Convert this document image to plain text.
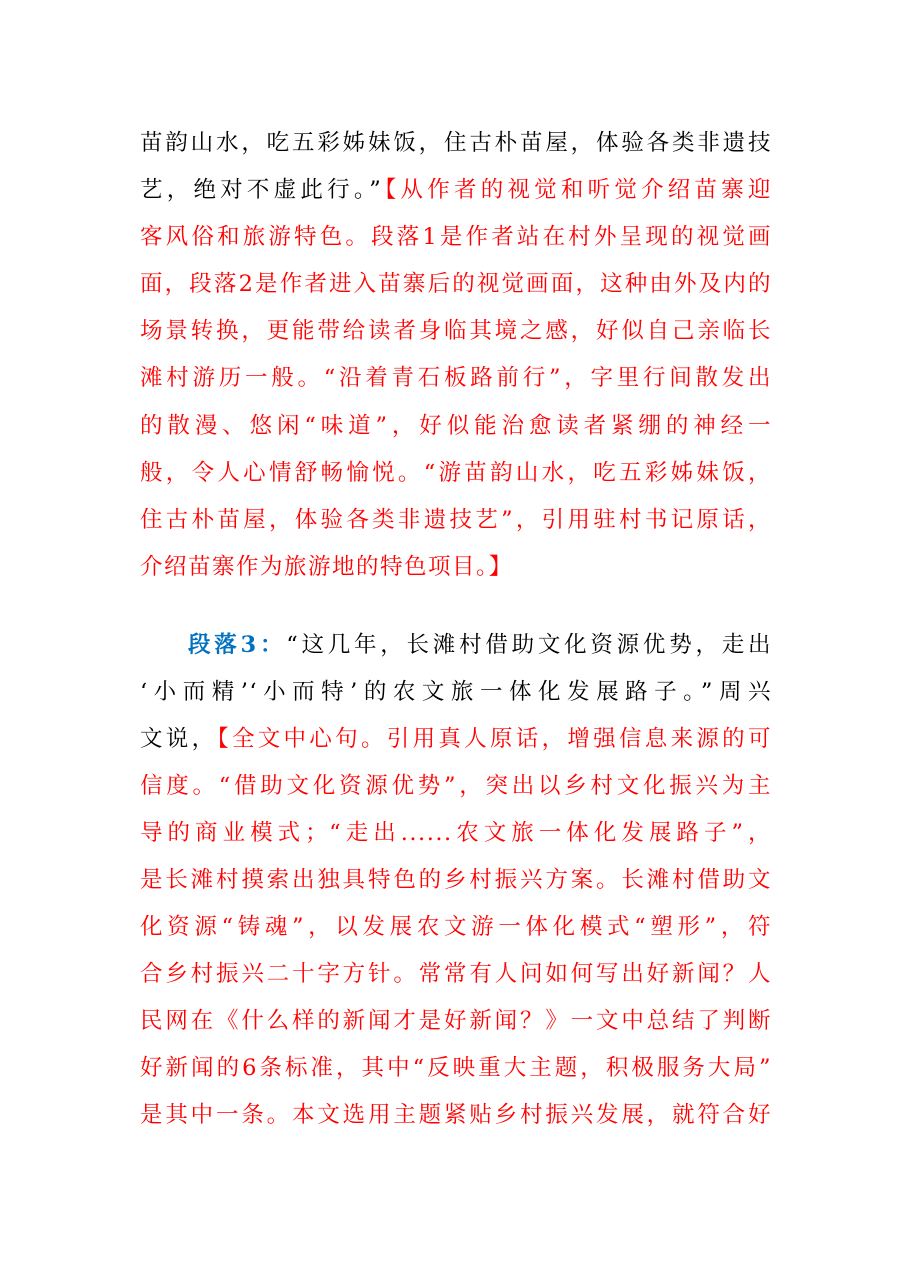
苗韵山水，吃五彩姊妹饭，住古朴苗屋，体验各类非遗技
艺，绝对不虚此行。”【从作者的视觉和听觉介绍苗寨迎
客风俗和旅游特色。段落1是作者站在村外呈现的视觉画
面，段落2是作者进入苗寨后的视觉画面，这种由外及内的
场景转换，更能带给读者身临其境之感，好似自己亲临长
滩村游历一般。“沿着青石板路前行”，字里行间散发出
的散漫、悠闲“味道”，好似能治愈读者紧绷的神经一
般，令人心情舒畅愉悦。“游苗韵山水，吃五彩姊妹饭，
住古朴苗屋，体验各类非遗技艺”，引用驻村书记原话，
介绍苗寨作为旅游地的特色项目。】
段落3：“这几年，长滩村借助文化资源优势，走出
‘小而精’‘小而特’的农文旅一体化发展路子。”周兴
文说，【全文中心句。引用真人原话，增强信息来源的可
信度。“借助文化资源优势”，突出以乡村文化振兴为主
导的商业模式；“走出......农文旅一体化发展路子”，
是长滩村摸索出独具特色的乡村振兴方案。长滩村借助文
化资源“铸魂”，以发展农文游一体化模式“塑形”，符
合乡村振兴二十字方针。常常有人问如何写出好新闻？人
民网在《什么样的新闻才是好新闻？》一文中总结了判断
好新闻的6条标准，其中“反映重大主题，积极服务大局”
是其中一条。本文选用主题紧贴乡村振兴发展，就符合好
